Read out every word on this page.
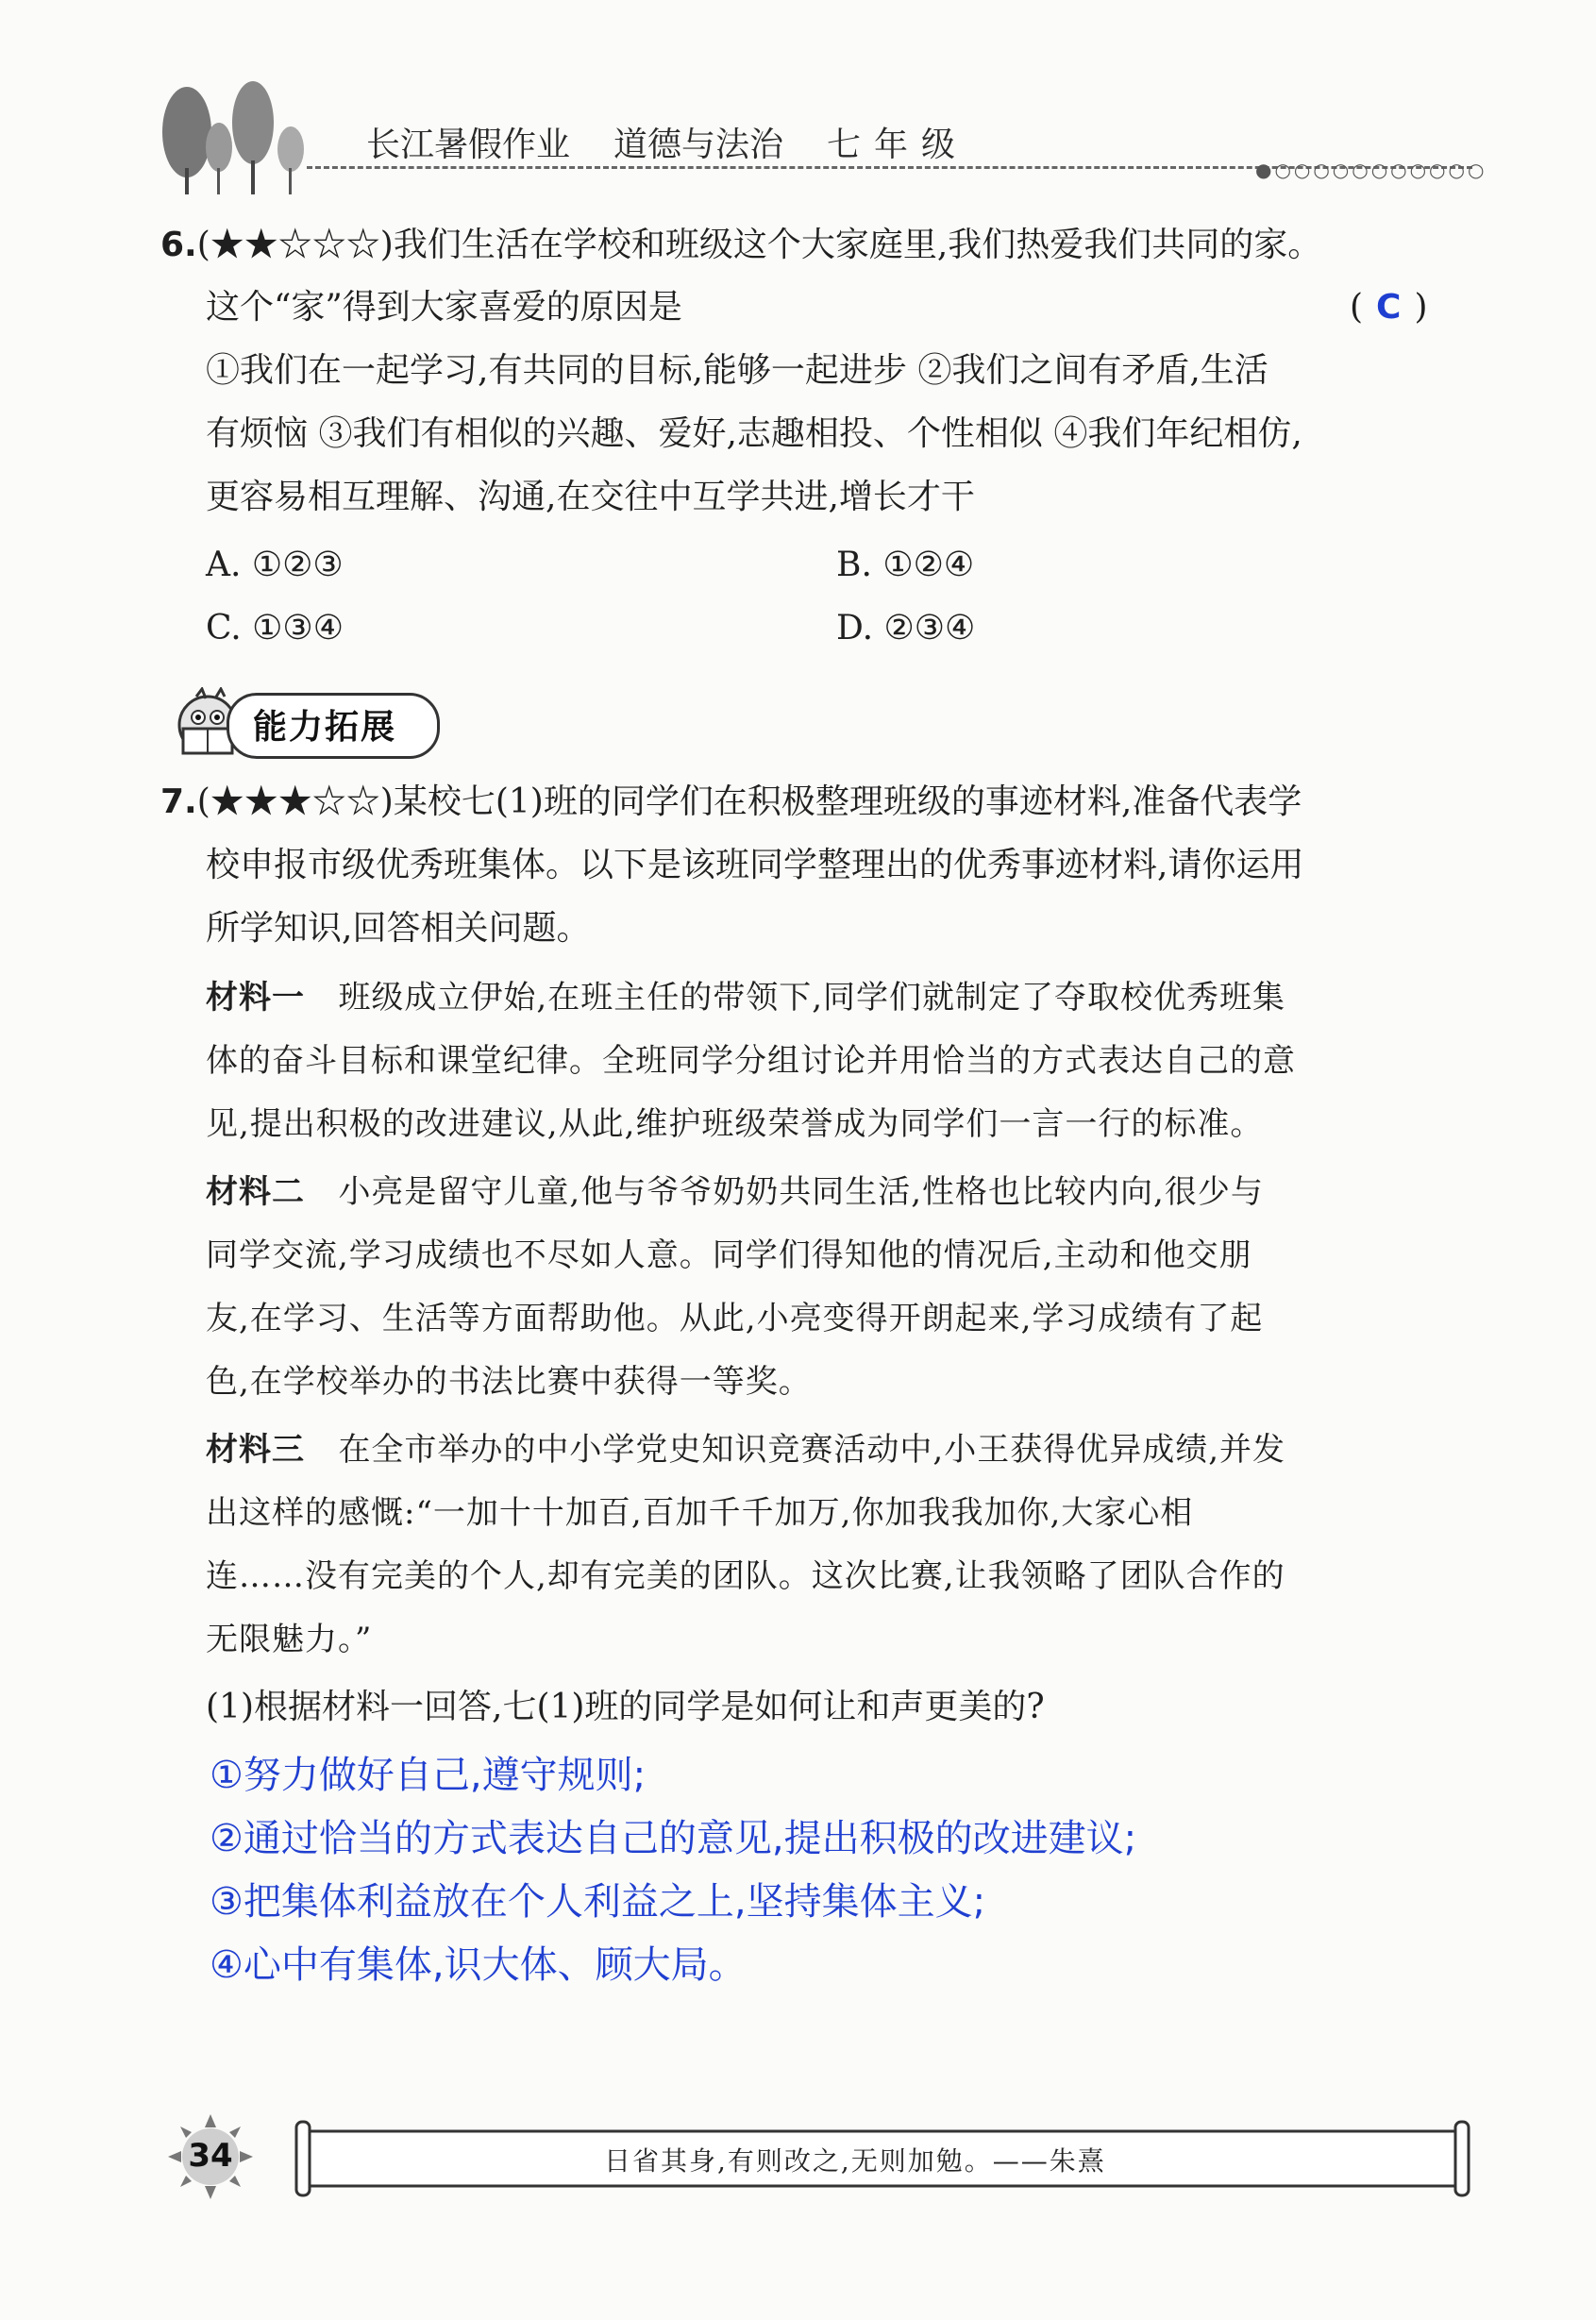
长江暑假作业 道德与法治 七年级
●○○○○○○○○○○○
6.(★★☆☆☆)我们生活在学校和班级这个大家庭里,我们热爱我们共同的家。
这个“家”得到大家喜爱的原因是	( C )
①我们在一起学习,有共同的目标,能够一起进步 ②我们之间有矛盾,生活
有烦恼 ③我们有相似的兴趣、爱好,志趣相投、个性相似 ④我们年纪相仿,
更容易相互理解、沟通,在交往中互学共进,增长才干
A. ①②③	B. ①②④
C. ①③④	D. ②③④
能力拓展
7.(★★★☆☆)某校七(1)班的同学们在积极整理班级的事迹材料,准备代表学
校申报市级优秀班集体。以下是该班同学整理出的优秀事迹材料,请你运用
所学知识,回答相关问题。
材料一 班级成立伊始,在班主任的带领下,同学们就制定了夺取校优秀班集
体的奋斗目标和课堂纪律。全班同学分组讨论并用恰当的方式表达自己的意
见,提出积极的改进建议,从此,维护班级荣誉成为同学们一言一行的标准。
材料二 小亮是留守儿童,他与爷爷奶奶共同生活,性格也比较内向,很少与
同学交流,学习成绩也不尽如人意。同学们得知他的情况后,主动和他交朋
友,在学习、生活等方面帮助他。从此,小亮变得开朗起来,学习成绩有了起
色,在学校举办的书法比赛中获得一等奖。
材料三 在全市举办的中小学党史知识竞赛活动中,小王获得优异成绩,并发
出这样的感慨:“一加十十加百,百加千千加万,你加我我加你,大家心相
连……没有完美的个人,却有完美的团队。这次比赛,让我领略了团队合作的
无限魅力。”
(1)根据材料一回答,七(1)班的同学是如何让和声更美的?
①努力做好自己,遵守规则;
②通过恰当的方式表达自己的意见,提出积极的改进建议;
③把集体利益放在个人利益之上,坚持集体主义;
④心中有集体,识大体、顾大局。
34	日省其身,有则改之,无则加勉。——朱熹
